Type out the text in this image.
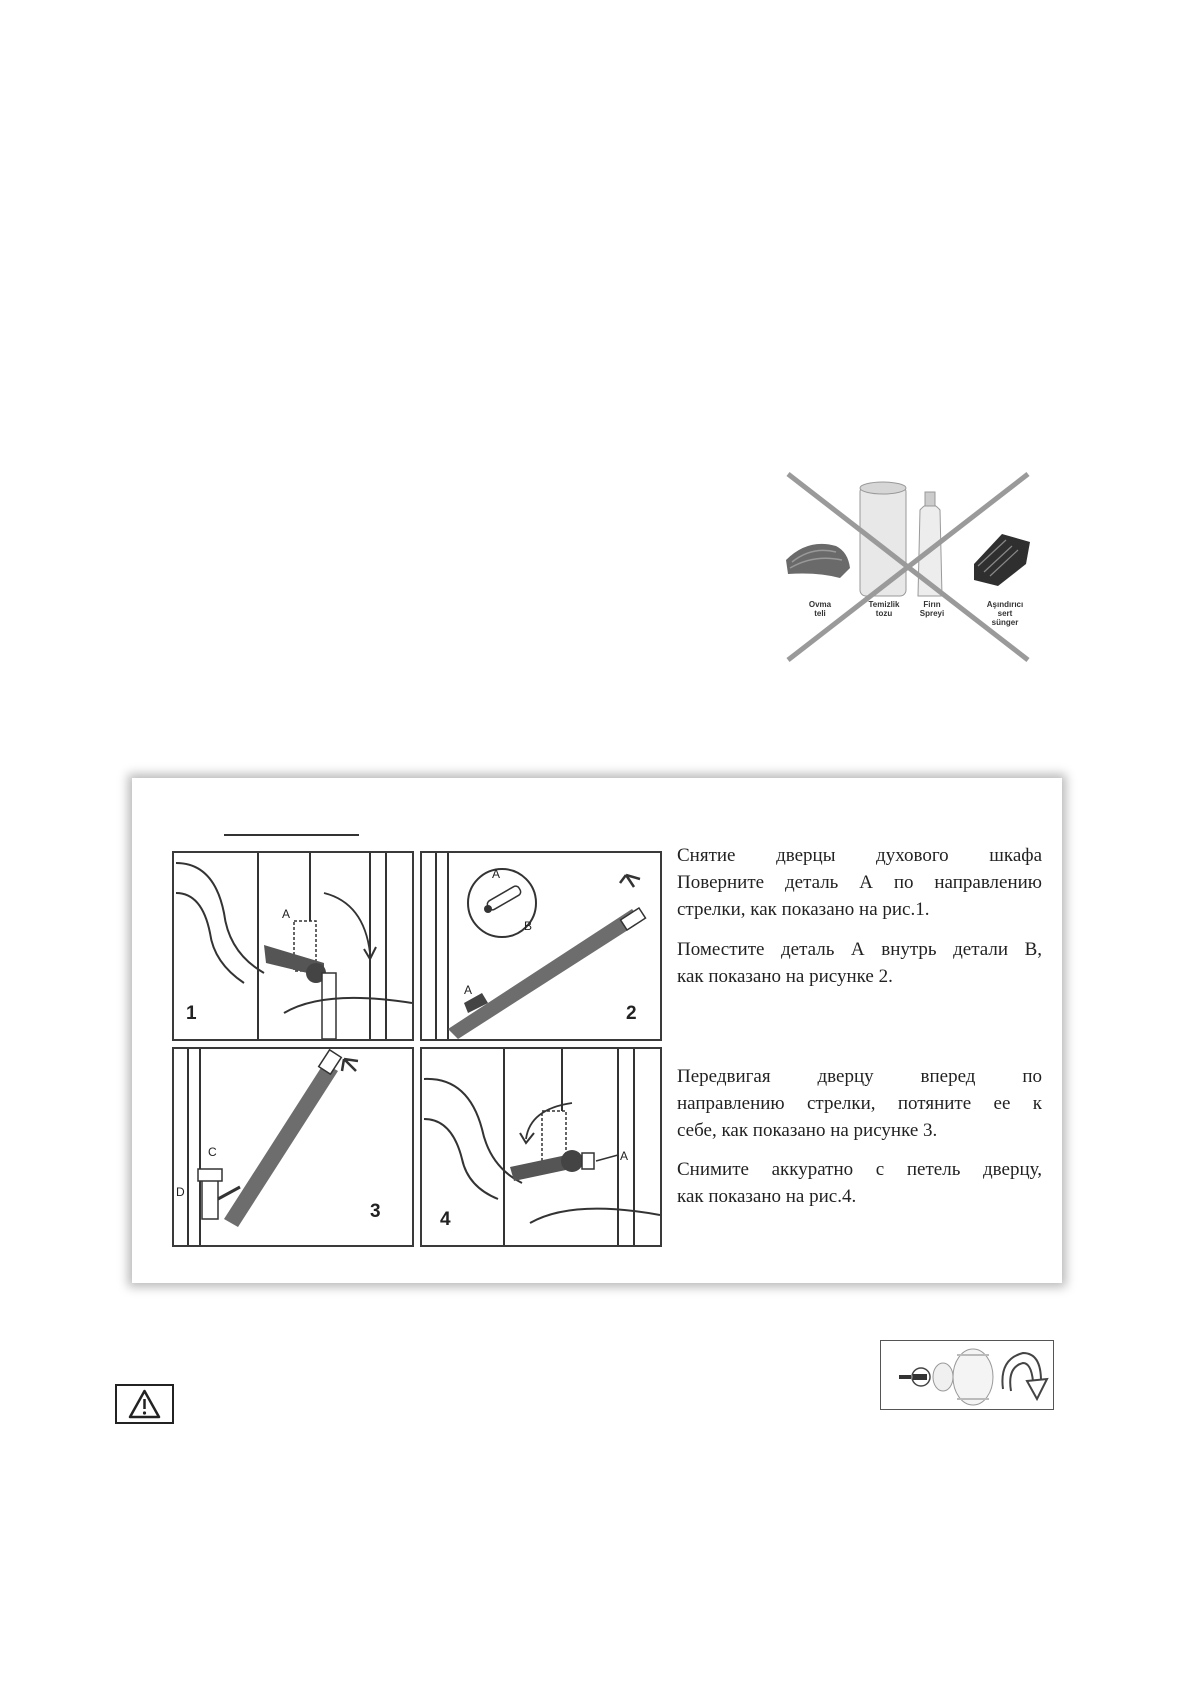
Ovma
teli
Temizlik
tozu
Firın
Spreyi
Aşındırıcı
sert
sünger
1
A
2
A
B
A
3
C
D
4
A
Снятие дверцы духового шкафа
Поверните деталь А по направлению
стрелки, как показано на рис.1.
Поместите деталь А внутрь детали В,
как показано на рисунке 2.
Передвигая дверцу вперед по
направлению стрелки, потяните ее к
себе, как показано на рисунке 3.
Снимите аккуратно с петель дверцу,
как показано на рис.4.
